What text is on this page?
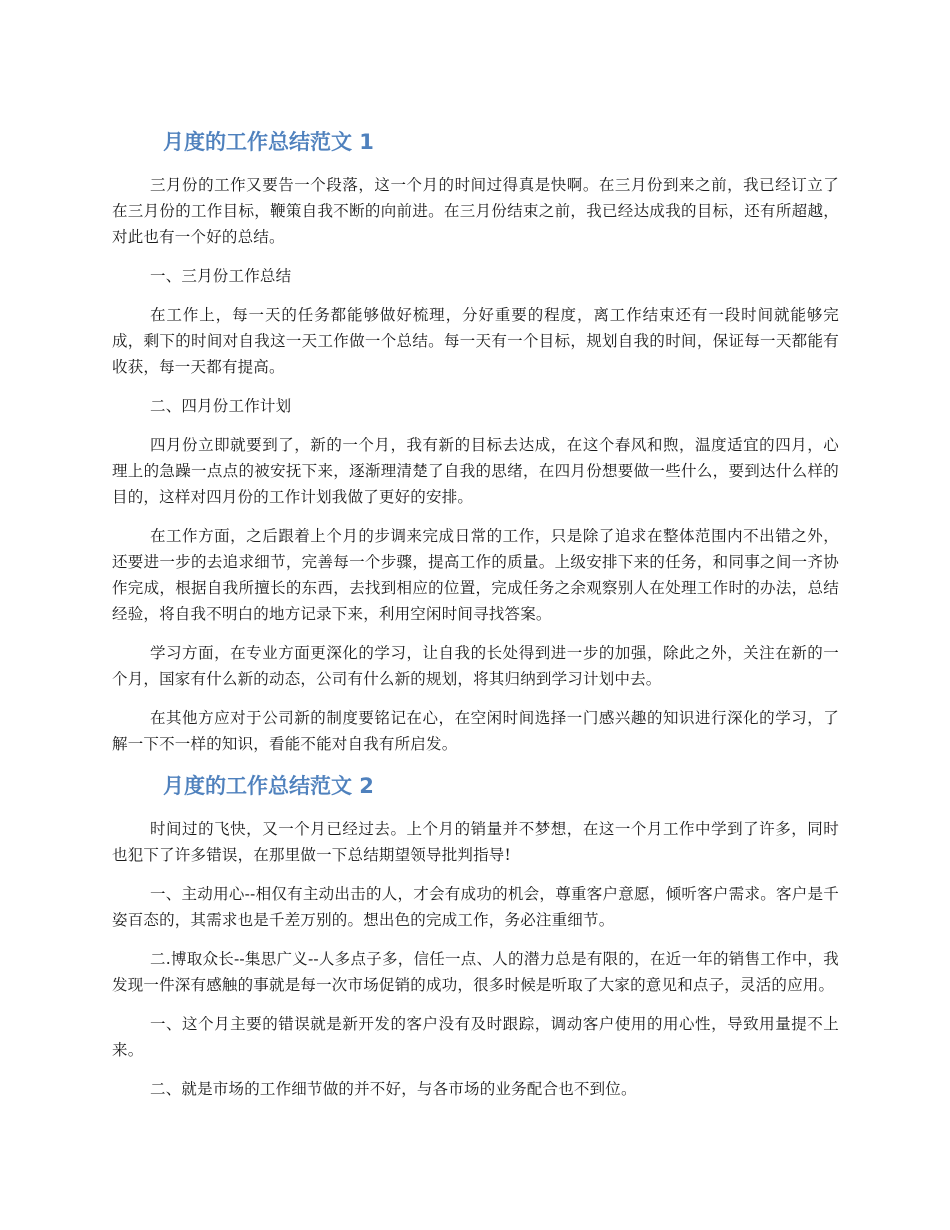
月度的工作总结范文 1

三月份的工作又要告一个段落，这一个月的时间过得真是快啊。在三月份到来之前，我已经订立了在三月份的工作目标，鞭策自我不断的向前进。在三月份结束之前，我已经达成我的目标，还有所超越，对此也有一个好的总结。

一、三月份工作总结

在工作上，每一天的任务都能够做好梳理，分好重要的程度，离工作结束还有一段时间就能够完成，剩下的时间对自我这一天工作做一个总结。每一天有一个目标，规划自我的时间，保证每一天都能有收获，每一天都有提高。

二、四月份工作计划

四月份立即就要到了，新的一个月，我有新的目标去达成，在这个春风和煦，温度适宜的四月，心理上的急躁一点点的被安抚下来，逐渐理清楚了自我的思绪，在四月份想要做一些什么，要到达什么样的目的，这样对四月份的工作计划我做了更好的安排。

在工作方面，之后跟着上个月的步调来完成日常的工作，只是除了追求在整体范围内不出错之外，还要进一步的去追求细节，完善每一个步骤，提高工作的质量。上级安排下来的任务，和同事之间一齐协作完成，根据自我所擅长的东西，去找到相应的位置，完成任务之余观察别人在处理工作时的办法，总结经验，将自我不明白的地方记录下来，利用空闲时间寻找答案。

学习方面，在专业方面更深化的学习，让自我的长处得到进一步的加强，除此之外，关注在新的一个月，国家有什么新的动态，公司有什么新的规划，将其归纳到学习计划中去。

在其他方应对于公司新的制度要铭记在心，在空闲时间选择一门感兴趣的知识进行深化的学习，了解一下不一样的知识，看能不能对自我有所启发。

月度的工作总结范文 2

时间过的飞快，又一个月已经过去。上个月的销量并不梦想，在这一个月工作中学到了许多，同时也犯下了许多错误，在那里做一下总结期望领导批判指导!

一、主动用心--相仅有主动出击的人，才会有成功的机会，尊重客户意愿，倾听客户需求。客户是千姿百态的，其需求也是千差万别的。想出色的完成工作，务必注重细节。

二.博取众长--集思广义--人多点子多，信任一点、人的潜力总是有限的，在近一年的销售工作中，我发现一件深有感触的事就是每一次市场促销的成功，很多时候是听取了大家的意见和点子，灵活的应用。

一、这个月主要的错误就是新开发的客户没有及时跟踪，调动客户使用的用心性，导致用量提不上来。

二、就是市场的工作细节做的并不好，与各市场的业务配合也不到位。
